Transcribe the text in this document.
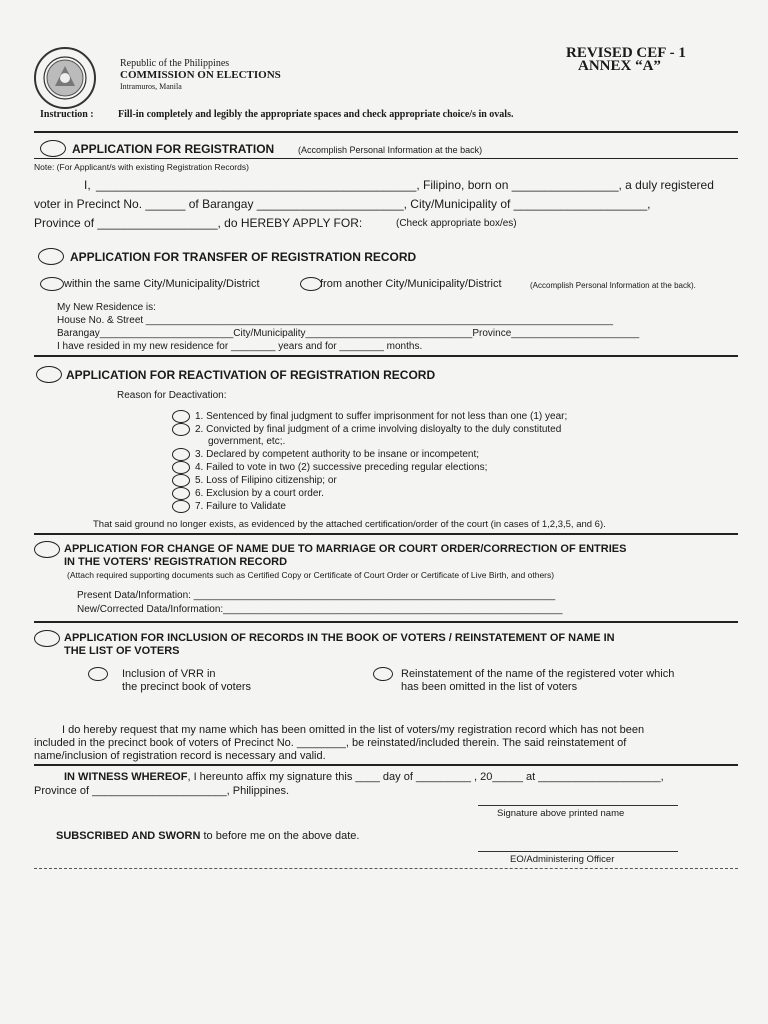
Republic of the Philippines
COMMISSION ON ELECTIONS
Intramuros, Manila
REVISED CEF - 1
ANNEX “A”
Instruction : Fill-in completely and legibly the appropriate spaces and check appropriate choice/s in ovals.
APPLICATION FOR REGISTRATION	(Accomplish Personal Information at the back)
Note: (For Applicant/s with existing Registration Records)
I, ________________________________________________, Filipino, born on ________________, a duly registered
voter in Precinct No. ______ of Barangay ______________________, City/Municipality of ____________________,
Province of __________________, do HEREBY APPLY FOR:	(Check appropriate box/es)
APPLICATION FOR TRANSFER OF REGISTRATION RECORD
within the same City/Municipality/District	from another City/Municipality/District	(Accomplish Personal Information at the back).
My New Residence is:
House No. & Street ____________________________________________________________________________________
Barangay________________________City/Municipality______________________________Province_______________________
I have resided in my new residence for ________ years and for ________ months.
APPLICATION FOR REACTIVATION OF REGISTRATION RECORD
Reason for Deactivation:
1. Sentenced by final judgment to suffer imprisonment for not less than one (1) year;
2. Convicted by final judgment of a crime involving disloyalty to the duly constituted
government, etc;.
3. Declared by competent authority to be insane or incompetent;
4. Failed to vote in two (2) successive preceding regular elections;
5. Loss of Filipino citizenship; or
6. Exclusion by a court order.
7. Failure to Validate
That said ground no longer exists, as evidenced by the attached certification/order of the court (in cases of 1,2,3,5, and 6).
APPLICATION FOR CHANGE OF NAME DUE TO MARRIAGE OR COURT ORDER/CORRECTION OF ENTRIES
IN THE VOTERS' REGISTRATION RECORD
(Attach required supporting documents such as Certified Copy or Certificate of Court Order or Certificate of Live Birth, and others)
Present Data/Information: _________________________________________________________________
New/Corrected Data/Information:_____________________________________________________________
APPLICATION FOR INCLUSION OF RECORDS IN THE BOOK OF VOTERS / REINSTATEMENT OF NAME IN
THE LIST OF VOTERS
Inclusion of VRR in
the precinct book of voters
Reinstatement of the name of the registered voter which
has been omitted in the list of voters
I do hereby request that my name which has been omitted in the list of voters/my registration record which has not been
included in the precinct book of voters of Precinct No. ________, be reinstated/included therein. The said reinstatement of
name/inclusion of registration record is necessary and valid.
IN WITNESS WHEREOF, I hereunto affix my signature this ____ day of _________ , 20_____ at ____________________,
Province of ______________________, Philippines.
Signature above printed name
SUBSCRIBED AND SWORN to before me on the above date.
EO/Administering Officer
